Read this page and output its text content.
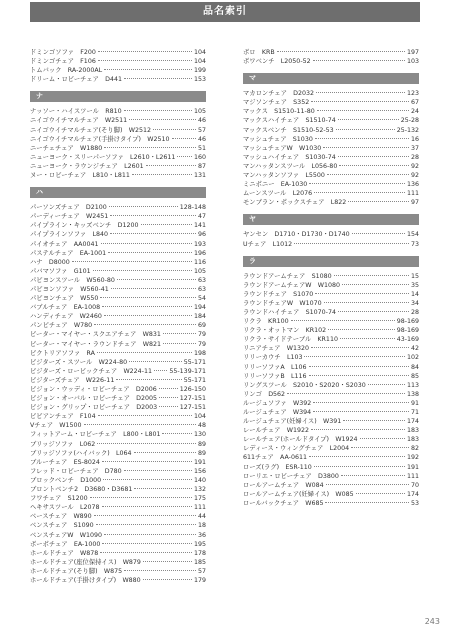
品名索引
ドミンゴソファ　F200	104
ドミンゴチェア　F106	104
トムバック　RA-2000AL	199
ドリーム・ロビーチェア　D441	153
ナ
ナッソー・ハイスツール　R810	105
ニイゴウイチマルチェア　W2511	46
ニイゴウイチマルチェア(そり脚)　W2512	57
ニイゴウイチマルチェア(手掛けタイプ)　W2510	46
ニーチェチェア　W1880	51
ニューヨーク・スリーパーソファ　L2610・L2611	160
ニューヨーク・ラウンジチェア　L2601	87
ヌー・ロビーチェア　L810・L811	131
ハ
パーソンズチェア　D2100	128-148
パーディーチェア　W2451	47
パイプライン・キッズベンチ　D1200	141
パイプラインソファ　L840	96
パイオチェア　AA0041	193
パステルチェア　EA-1001	196
ハナ　D8000	116
パバマソファ　G101	105
パピヨンスツール　W560-80	63
パピヨンソファ　W560-41	63
パピヨンチェア　W550	54
バブルチェア　EA-1008	194
ハンディチェア　W2460	184
パンピチェア　W780	69
ビーター・マイヤー・スクエアチェア　W831	79
ビーター・マイヤー・ラウンドチェア　W821	79
ビクトリアソファ　RA	198
ビジターズ・スツール　W224-80	55-171
ビジターズ・ロービックチェア　W224-11	55-139-171
ビジターズチェア　W226-11	55-171
ビジョン・ウッディ・ロビーチェア　D2006	126-150
ビジョン・オーバル・ロビーチェア　D2005	127-151
ビジョン・グリップ・ロビーチェア　D2003	127-151
ビビアンチェア　F104	104
Vチェア　W1500	48
フィットアーム・ロビーチェア　L800・L801	130
ブリッジソファ　L062	89
ブリッジソファ(ハイバック)　L064	89
ブルーチェア　ES-8024	191
フレッド・ロビーチェア　D780	156
ブロックベンチ　D1000	140
ブロントベンチ2　D3680・D3681	132
フワチェア　S1200	175
ヘキサスツール　L2078	111
ベースチェア　W890	44
ベンスチェア　S1090	18
ベンスチェアW　W1090	36
ボーボチェア　EA-1000	195
ホールドチェア　W878	178
ホールドチェア(座位保持イス)　W879	185
ホールドチェア(そり脚)　W875	57
ホールドチェア(手掛けタイプ)　W880	179
ボロ　KRB	197
ボワベンチ　L2050-52	103
マ
マカロンチェア　D2032	123
マジソンチェア　S352	67
マックス　S1510-11-80	24
マックスハイチェア　S1510-74	25-28
マックスベンチ　S1510-52-53	25-132
マッシュチェア　S1030	16
マッシュチェアW　W1030	37
マッシュハイチェア　S1030-74	28
マンハッタンスツール　L056-80	92
マンハッタンソファ　L5500	92
ミニボニー　EA-1030	136
ムーンスツール　L2076	111
モンブラン・ボックスチェア　L822	97
ヤ
ヤンセン　D1710・D1730・D1740	154
Uチェア　L1012	73
ラ
ラウンドアームチェア　S1080	15
ラウンドアームチェアW　W1080	35
ラウンドチェア　S1070	14
ラウンドチェアW　W1070	34
ラウンドハイチェア　S1070-74	28
リクラ　KR100	98-169
リクラ・オットマン　KR102	98-169
リクラ・サイドテーブル　KR110	43-169
リニアチェア　W1320	42
リリーカウチ　L103	102
リリーソファA　L106	84
リリーソファB　L116	85
リングスツール　S2010・S2020・S2030	113
リンゴ　D562	138
ルージュソファ　W392	91
ルージュチェア　W394	71
ルージュチェア(妊婦イス)　W391	174
レールチェア　W1922	183
レールチェア(ホールドタイプ)　W1924	183
レディース・ウィングチェア　L2004	82
611チェア　AA-0611	192
ローズ(ラグ)　ESR-110	191
ローリエ・ロビーチェア　D3800	111
ロールアームチェア　W084	70
ロールアームチェア(妊婦イス)　W085	174
ロールバックチェア　W685	53
243
